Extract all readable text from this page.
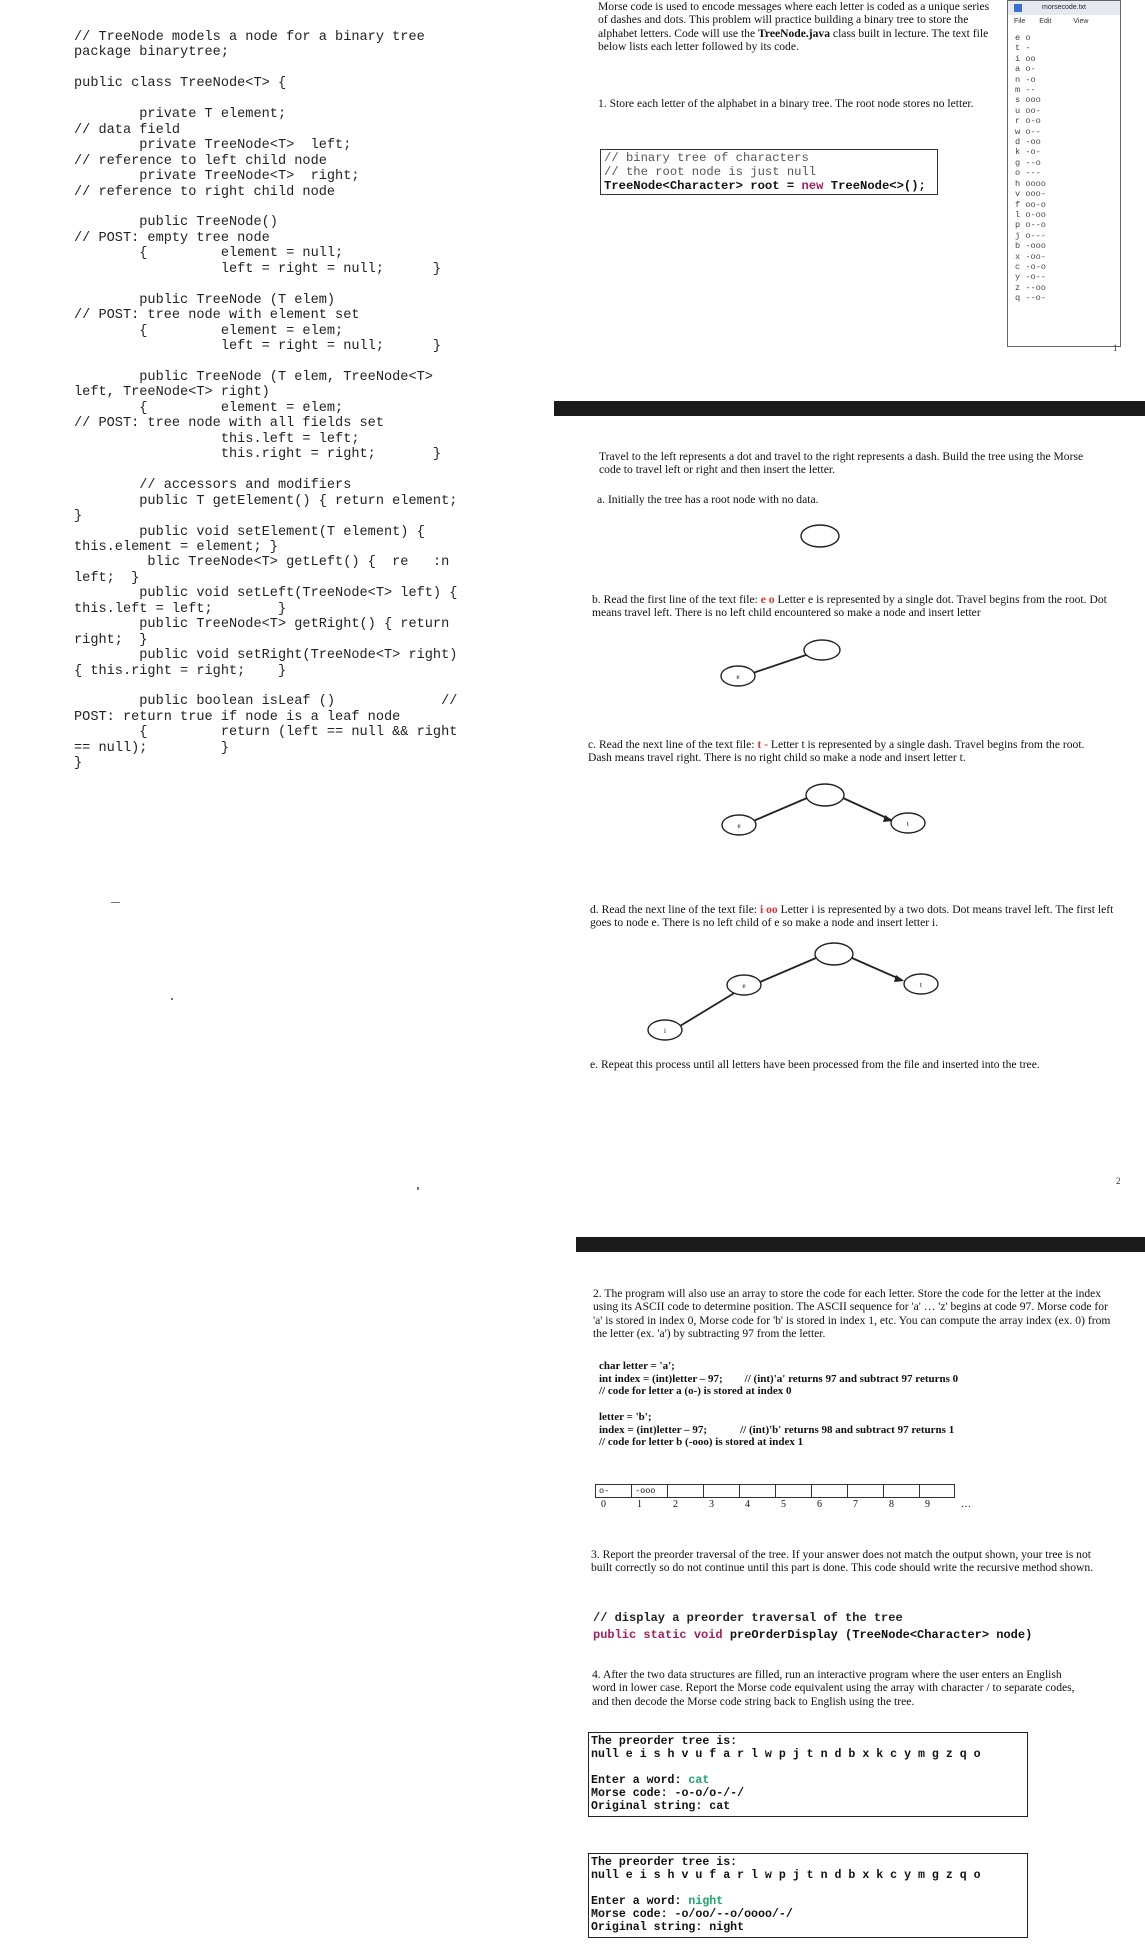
// TreeNode models a node for a binary tree
package binarytree;

public class TreeNode<T> {

private T element;
// data field
private TreeNode<T>  left;
// reference to left child node
private TreeNode<T>  right;
// reference to right child node

public TreeNode()
// POST: empty tree node
{         element = null;
left = right = null;      }

public TreeNode (T elem)
// POST: tree node with element set
{         element = elem;
left = right = null;      }

public TreeNode (T elem, TreeNode<T>
left, TreeNode<T> right)
{         element = elem;
// POST: tree node with all fields set
this.left = left;
this.right = right;       }

// accessors and modifiers
public T getElement() { return element;
}
public void setElement(T element) {
this.element = element; }
blic TreeNode<T> getLeft() {  re   :n
left;  }
public void setLeft(TreeNode<T> left) {
this.left = left;        }
public TreeNode<T> getRight() { return
right;  }
public void setRight(TreeNode<T> right)
{ this.right = right;    }

public boolean isLeaf ()             //
POST: return true if node is a leaf node
{         return (left == null && right
== null);         }
}
Morse code is used to encode messages where each letter is coded as a unique series of dashes and dots. This problem will practice building a binary tree to store the alphabet letters. Code will use the TreeNode.java class built in lecture. The text file below lists each letter followed by its code.
morsecode.txt
File Edit	View
e o
t -
i oo
a o-
n -o
m --
s ooo
u oo-
r o-o
w o--
d -oo
k -o-
g --o
o ---
h oooo
v ooo-
f oo-o
l o-oo
p o--o
j o---
b -ooo
x -oo-
c -o-o
y -o--
z --oo
q --o-
1
1. Store each letter of the alphabet in a binary tree. The root node stores no letter.
// binary tree of characters
// the root node is just null
TreeNode<Character> root = new TreeNode<>();
Travel to the left represents a dot and travel to the right represents a dash. Build the tree using the Morse code to travel left or right and then insert the letter.
a. Initially the tree has a root node with no data.
b. Read the first line of the text file: e o Letter e is represented by a single dot. Travel begins from the root. Dot means travel left. There is no left child encountered so make a node and insert letter
e
c. Read the next line of the text file: t - Letter t is represented by a single dash. Travel begins from the root. Dash means travel right. There is no right child so make a node and insert letter t.
e	t
d. Read the next line of the text file: i oo Letter i is represented by a two dots. Dot means travel left. The first left goes to node e. There is no left child of e so make a node and insert letter i.
e	t
i
e. Repeat this process until all letters have been processed from the file and inserted into the tree.
2
2. The program will also use an array to store the code for each letter. Store the code for the letter at the index using its ASCII code to determine position. The ASCII sequence for 'a' … 'z' begins at code 97. Morse code for 'a' is stored in index 0, Morse code for 'b' is stored in index 1, etc. You can compute the array index (ex. 0) from the letter (ex. 'a') by subtracting 97 from the letter.
char letter = 'a';
int index = (int)letter – 97;        // (int)'a' returns 97 and subtract 97 returns 0
// code for letter a (o-) is stored at index 0
letter = 'b';
index = (int)letter – 97;            // (int)'b' returns 98 and subtract 97 returns 1
// code for letter b (-ooo) is stored at index 1
o-	-ooo
0	1	2	3	4	5	6	7	8	9	…
3. Report the preorder traversal of the tree. If your answer does not match the output shown, your tree is not built correctly so do not continue until this part is done. This code should write the recursive method shown.
// display a preorder traversal of the tree
public static void preOrderDisplay (TreeNode<Character> node)
4. After the two data structures are filled, run an interactive program where the user enters an English word in lower case. Report the Morse code equivalent using the array with character / to separate codes, and then decode the Morse code string back to English using the tree.
The preorder tree is:
null e i s h v u f a r l w p j t n d b x k c y m g z q o
Enter a word: cat
Morse code: -o-o/o-/-/
Original string: cat
The preorder tree is:
null e i s h v u f a r l w p j t n d b x k c y m g z q o
Enter a word: night
Morse code: -o/oo/--o/oooo/-/
Original string: night
